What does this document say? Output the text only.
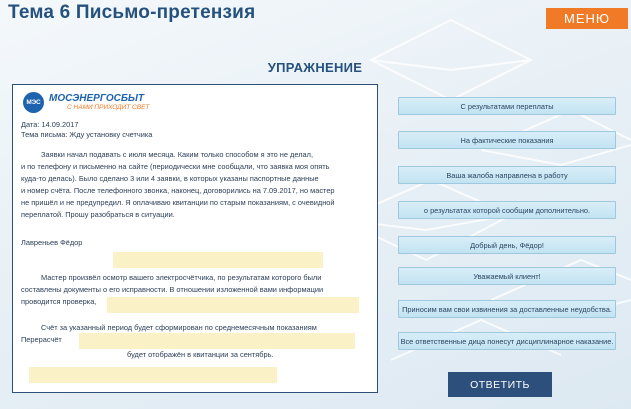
Тема 6 Письмо-претензия	МЕНЮ
УПРАЖНЕНИЕ
МЭС МОСЭНЕРГОСБЫТ
С НАМИ ПРИХОДИТ СВЕТ
Дата: 14.09.2017
Тема письма: Жду установку счетчика
Заявки начал подавать с июля месяца. Каким только способом я это не делал,
и по телефону и письменно на сайте (периодически мне сообщали, что заявка моя опять
куда-то делась). Было сделано 3 или 4 заявки, в которых указаны паспортные данные
и номер счёта. После телефонного звонка, наконец, договорились на 7.09.2017, но мастер
не пришёл и не предупредил. Я оплачиваю квитанции по старым показаниям, с очевидной
переплатой. Прошу разобраться в ситуации.
Лавреньев Фёдор
Мастер произвёл осмотр вашего электросчётчика, по результатам которого были
составлены документы о его исправности. В отношении изложенной вами информации
проводится проверка,
Счёт за указанный период будет сформирован по среднемесячным показаниям
Перерасчёт
будет отображён в квитанции за сентябрь.
С результатами переплаты
На фактические показания
Ваша жалоба направлена в работу
о результатах которой сообщим дополнительно.
Добрый день, Фёдор!
Уважаемый клиент!
Приносим вам свои извинения за доставленные неудобства.
Все ответственные дица понесут дисциплинарное наказание.
ОТВЕТИТЬ
